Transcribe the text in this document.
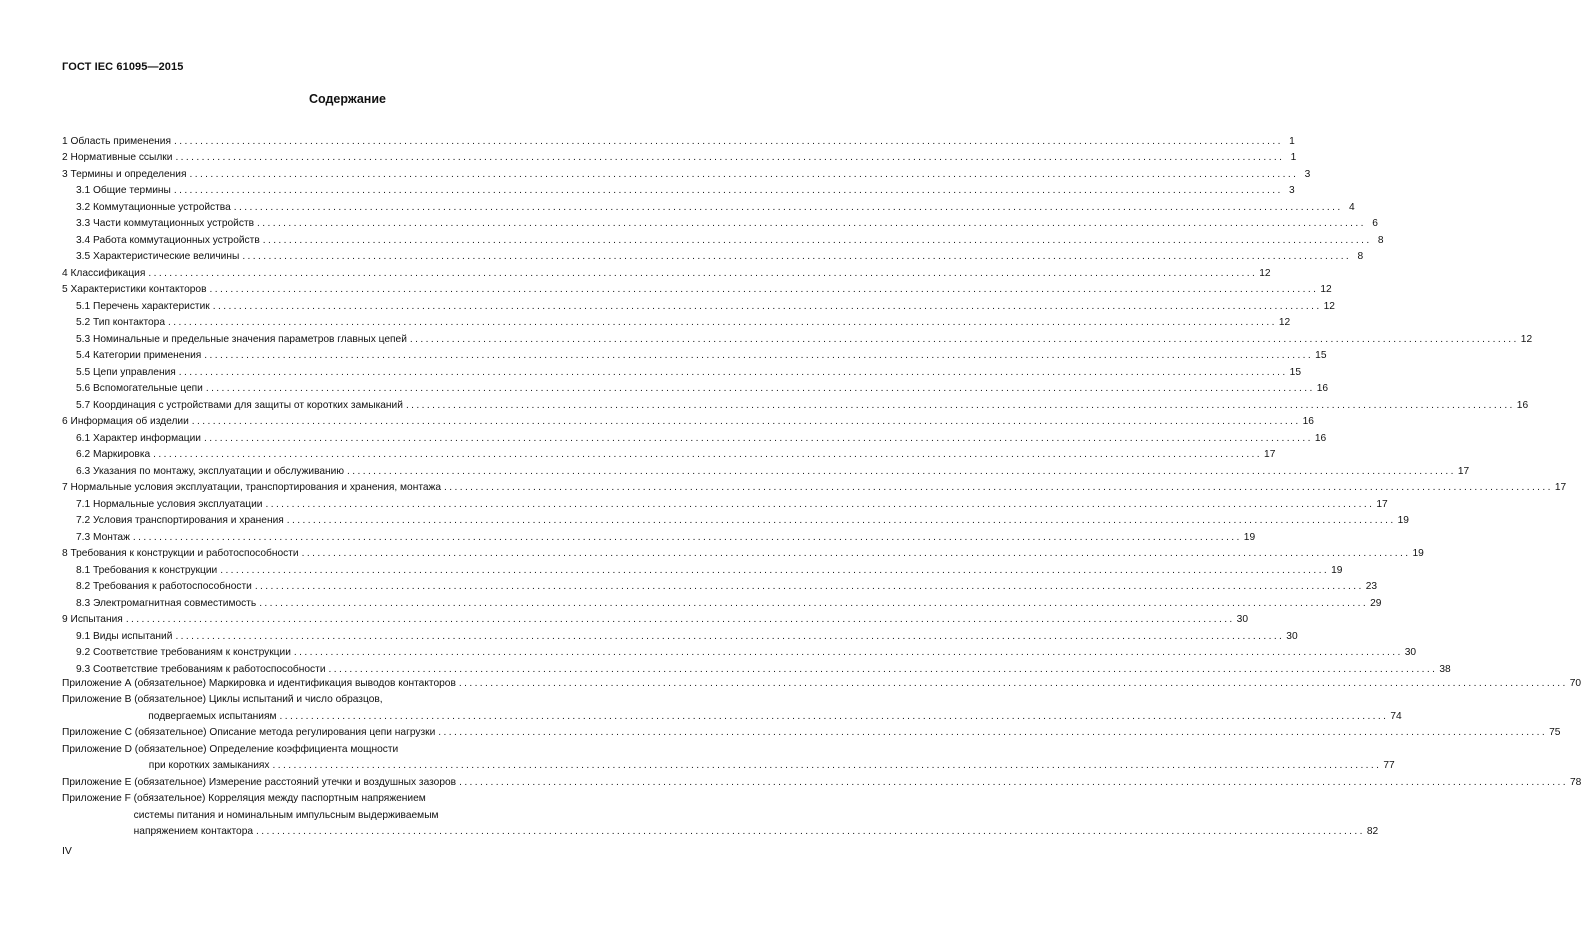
ГОСТ IEC 61095—2015
Содержание
1 Область применения .................................................................................................................................................................................................................... 1
2 Нормативные ссылки .................................................................................................................................................................................................................... 1
3 Термины и определения .................................................................................................................................................................................................................... 3
3.1 Общие термины .................................................................................................................................................................................................................... 3
3.2 Коммутационные устройства .................................................................................................................................................................................................................... 4
3.3 Части коммутационных устройств .................................................................................................................................................................................................................... 6
3.4 Работа коммутационных устройств .................................................................................................................................................................................................................... 8
3.5 Характеристические величины .................................................................................................................................................................................................................... 8
4 Классификация .................................................................................................................................................................................................................... 12
5 Характеристики контакторов .................................................................................................................................................................................................................... 12
5.1 Перечень характеристик .................................................................................................................................................................................................................... 12
5.2 Тип контактора .................................................................................................................................................................................................................... 12
5.3 Номинальные и предельные значения параметров главных цепей .................................................................................................................................................................................................................... 12
5.4 Категории применения .................................................................................................................................................................................................................... 15
5.5 Цепи управления .................................................................................................................................................................................................................... 15
5.6 Вспомогательные цепи .................................................................................................................................................................................................................... 16
5.7 Координация с устройствами для защиты от коротких замыканий .................................................................................................................................................................................................................... 16
6 Информация об изделии .................................................................................................................................................................................................................... 16
6.1 Характер информации .................................................................................................................................................................................................................... 16
6.2 Маркировка .................................................................................................................................................................................................................... 17
6.3 Указания по монтажу, эксплуатации и обслуживанию .................................................................................................................................................................................................................... 17
7 Нормальные условия эксплуатации, транспортирования и хранения, монтажа .................................................................................................................................................................................................................... 17
7.1 Нормальные условия эксплуатации .................................................................................................................................................................................................................... 17
7.2 Условия транспортирования и хранения .................................................................................................................................................................................................................... 19
7.3 Монтаж .................................................................................................................................................................................................................... 19
8 Требования к конструкции и работоспособности .................................................................................................................................................................................................................... 19
8.1 Требования к конструкции .................................................................................................................................................................................................................... 19
8.2 Требования к работоспособности .................................................................................................................................................................................................................... 23
8.3 Электромагнитная совместимость .................................................................................................................................................................................................................... 29
9 Испытания .................................................................................................................................................................................................................... 30
9.1 Виды испытаний .................................................................................................................................................................................................................... 30
9.2 Соответствие требованиям к конструкции .................................................................................................................................................................................................................... 30
9.3 Соответствие требованиям к работоспособности .................................................................................................................................................................................................................... 38
Приложение А
(обязательное) Маркировка и идентификация выводов контакторов .................................................................................................................................................................................................................... 70
Приложение В
(обязательное) Циклы испытаний и число образцов,
подвергаемых испытаниям .................................................................................................................................................................................................................... 74
Приложение С
(обязательное) Описание метода регулирования цепи нагрузки .................................................................................................................................................................................................................... 75
Приложение D
(обязательное) Определение коэффициента мощности
при коротких замыканиях .................................................................................................................................................................................................................... 77
Приложение Е
(обязательное) Измерение расстояний утечки и воздушных зазоров .................................................................................................................................................................................................................... 78
Приложение F
(обязательное) Корреляция между паспортным напряжением
системы питания и номинальным импульсным выдерживаемым
напряжением контактора .................................................................................................................................................................................................................... 82
IV
